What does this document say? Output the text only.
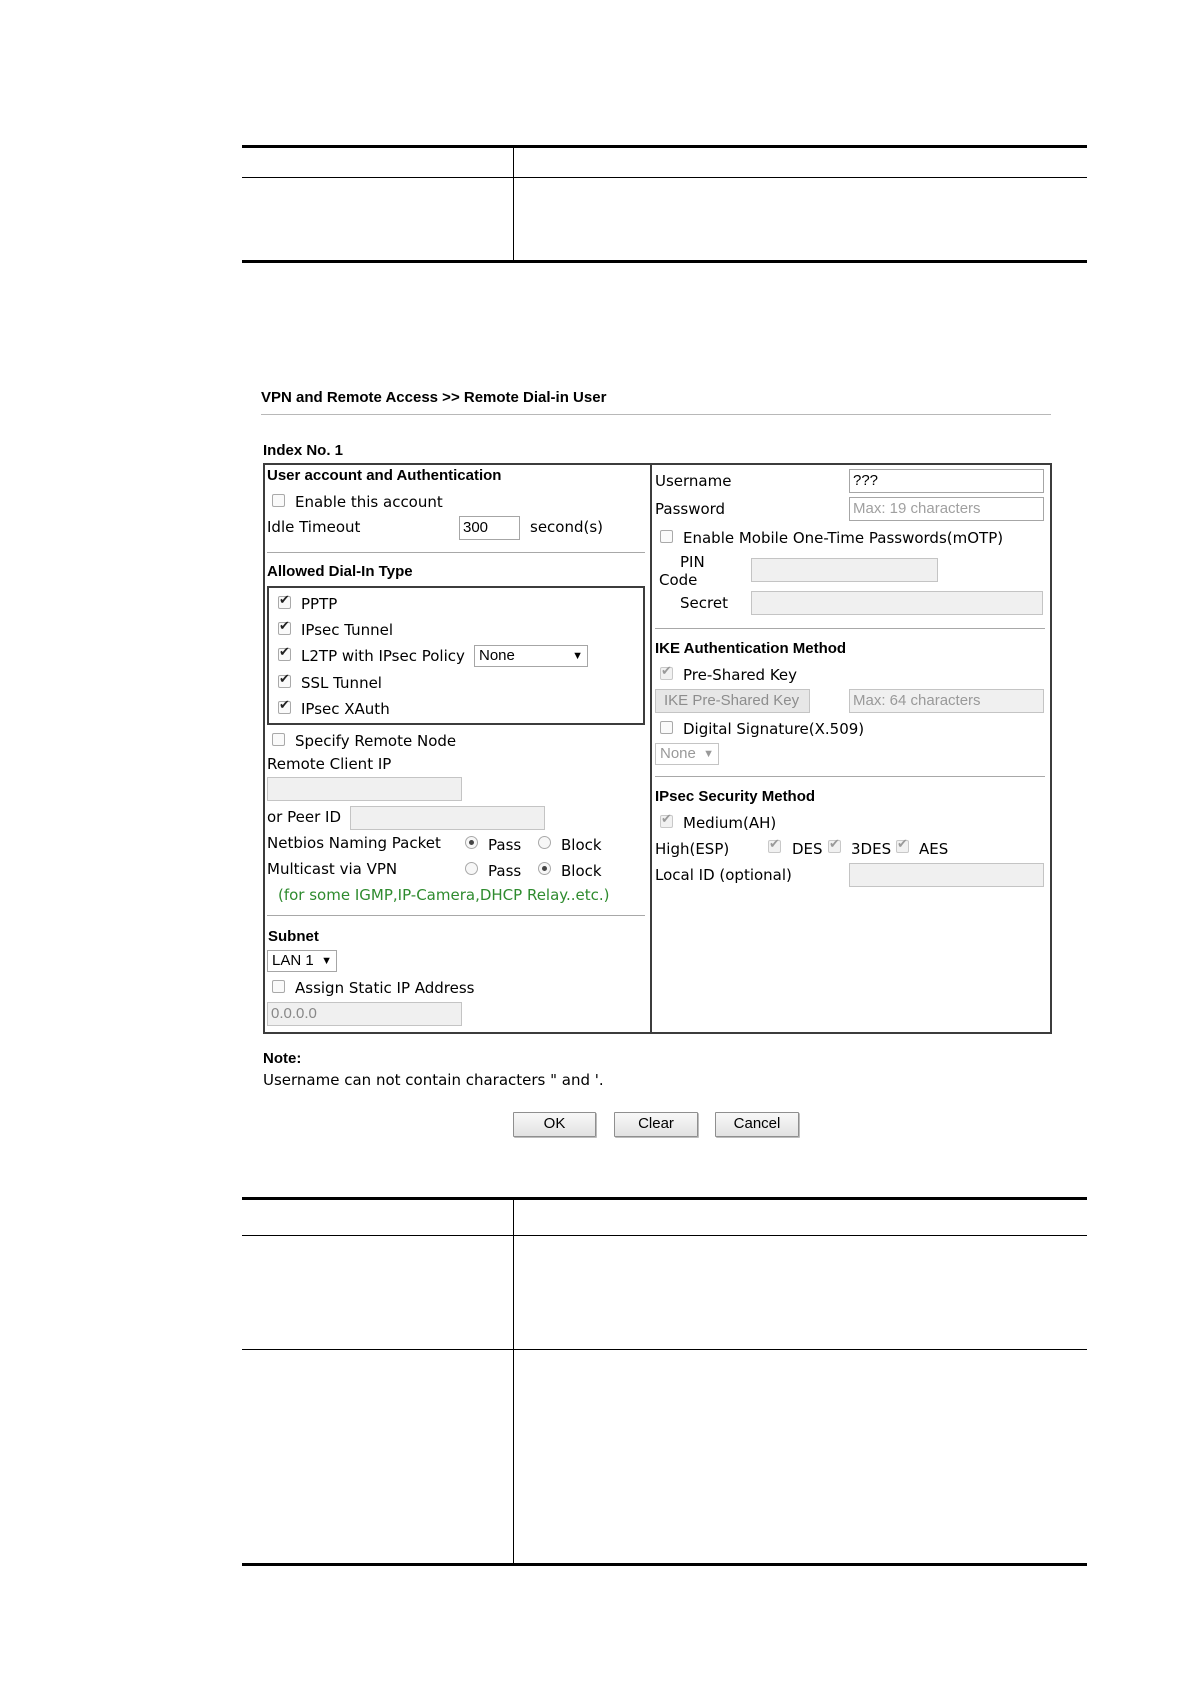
VPN and Remote Access >> Remote Dial-in User
Index No. 1
User account and Authentication
Enable this account
Idle Timeout	300	second(s)
Allowed Dial-In Type
✔
PPTP
✔
IPsec Tunnel
✔
L2TP with IPsec Policy None	▼
✔
SSL Tunnel
✔
IPsec XAuth
Specify Remote Node
Remote Client IP
or Peer ID
Netbios Naming Packet	Pass	Block
Multicast via VPN	Pass	Block
(for some IGMP,IP-Camera,DHCP Relay..etc.)
Subnet
LAN 1 ▼
Assign Static IP Address
0.0.0.0
Username	???
Password	Max: 19 characters
Enable Mobile One-Time Passwords(mOTP)
PIN
Code
Secret
IKE Authentication Method
✔
Pre-Shared Key
IKE Pre-Shared Key	Max: 64 characters
Digital Signature(X.509)
None ▼
IPsec Security Method
✔
Medium(AH)
High(ESP) ✔	DES ✔ 3DES ✔ AES
Local ID (optional)
Note:
Username can not contain characters " and '.
OK	Clear	Cancel
